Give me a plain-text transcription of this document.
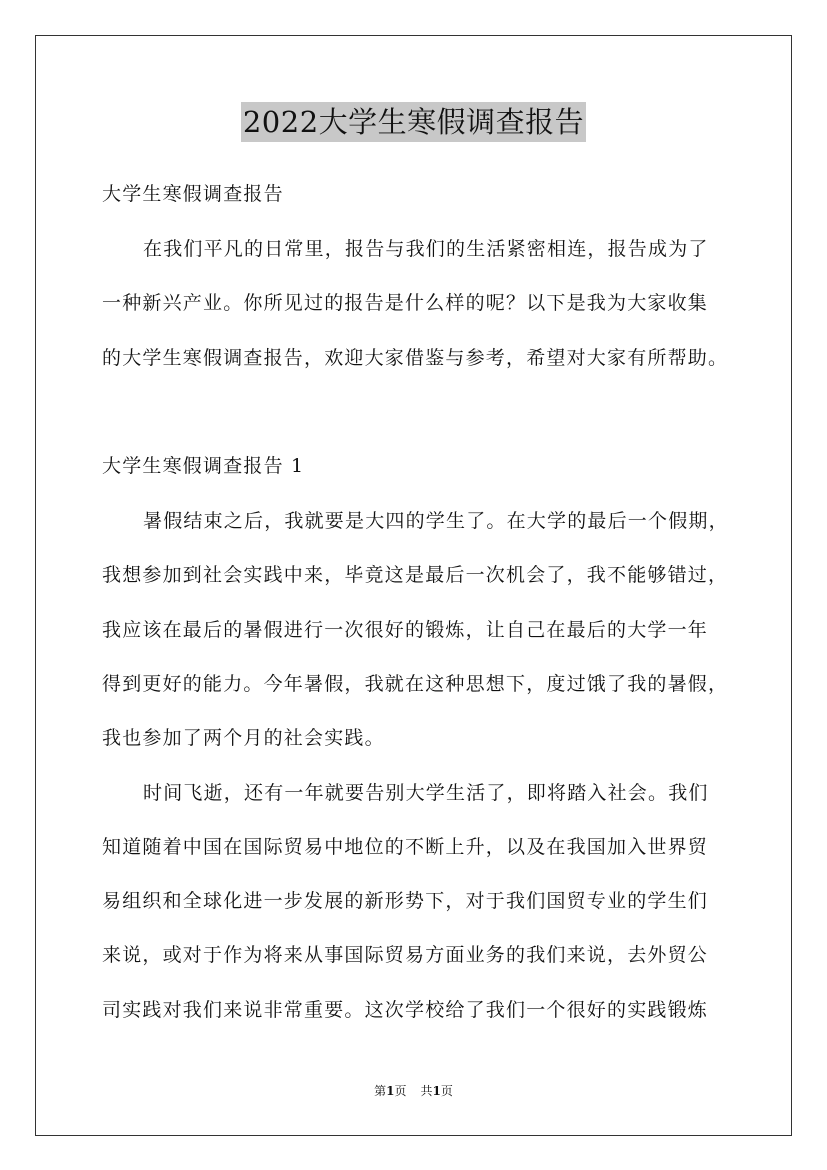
2022大学生寒假调查报告
大学生寒假调查报告
在我们平凡的日常里，报告与我们的生活紧密相连，报告成为了
一种新兴产业。你所见过的报告是什么样的呢？以下是我为大家收集
的大学生寒假调查报告，欢迎大家借鉴与参考，希望对大家有所帮助。
大学生寒假调查报告 1
暑假结束之后，我就要是大四的学生了。在大学的最后一个假期，
我想参加到社会实践中来，毕竟这是最后一次机会了，我不能够错过，
我应该在最后的暑假进行一次很好的锻炼，让自己在最后的大学一年
得到更好的能力。今年暑假，我就在这种思想下，度过饿了我的暑假，
我也参加了两个月的社会实践。
时间飞逝，还有一年就要告别大学生活了，即将踏入社会。我们
知道随着中国在国际贸易中地位的不断上升，以及在我国加入世界贸
易组织和全球化进一步发展的新形势下，对于我们国贸专业的学生们
来说，或对于作为将来从事国际贸易方面业务的我们来说，去外贸公
司实践对我们来说非常重要。这次学校给了我们一个很好的实践锻炼
第1页 共1页
